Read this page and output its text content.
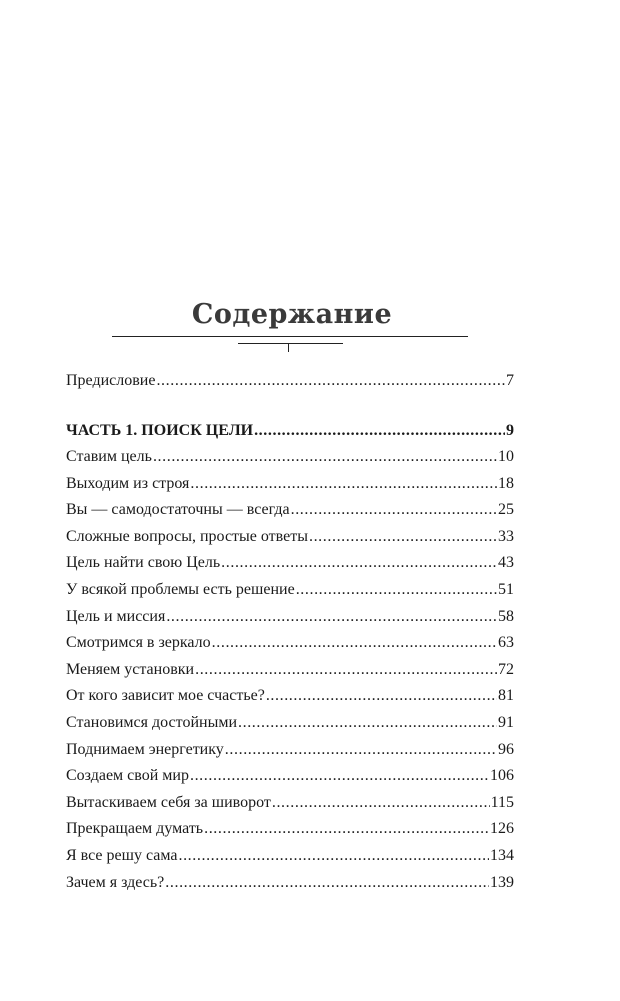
Содержание
Предисловие .....	7
ЧАСТЬ 1. ПОИСК ЦЕЛИ .....	9
Ставим цель .....	10
Выходим из строя .....	18
Вы — самодостаточны — всегда .....	25
Сложные вопросы, простые ответы .....	33
Цель найти свою Цель .....	43
У всякой проблемы есть решение .....	51
Цель и миссия .....	58
Смотримся в зеркало .....	63
Меняем установки .....	72
От кого зависит мое счастье? .....	81
Становимся достойными .....	91
Поднимаем энергетику .....	96
Создаем свой мир .....	106
Вытаскиваем себя за шиворот .....	115
Прекращаем думать .....	126
Я все решу сама .....	134
Зачем я здесь? .....	139
